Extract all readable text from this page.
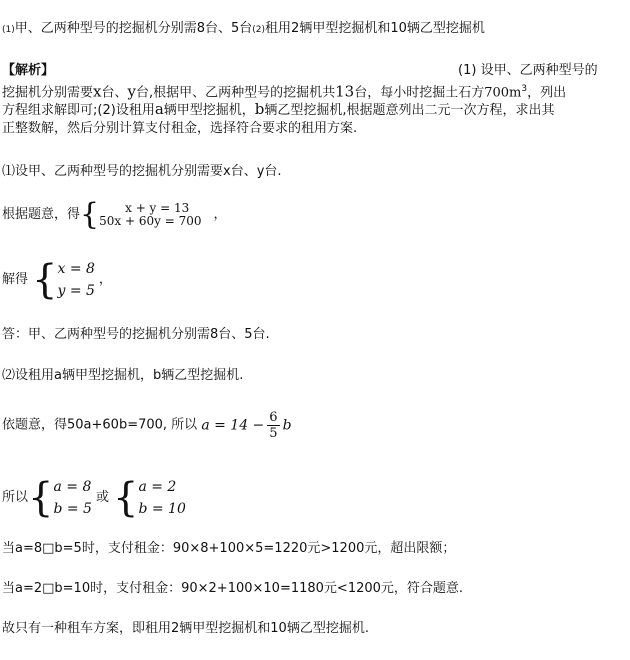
(1)甲、乙两种型号的挖掘机分别需8台、5台(2)租用2辆甲型挖掘机和10辆乙型挖掘机
【解析】	(1) 设甲、乙两种型号的
挖掘机分别需要x台、y台,根据甲、乙两种型号的挖掘机共13台，每小时挖掘土石方$700m^3$，列出
方程组求解即可;(2)设租用a辆甲型挖掘机，b辆乙型挖掘机,根据题意列出二元一次方程，求出其
正整数解，然后分别计算支付租金，选择符合要求的租用方案.
⑴设甲、乙两种型号的挖掘机分别需要x台、y台.
根据题意，得{	x + y = 13
50x + 60y = 700 ，
解得 { x = 8
y = 5
，
答：甲、乙两种型号的挖掘机分别需8台、5台.
⑵设租用a辆甲型挖掘机，b辆乙型挖掘机.
依题意，得50a+60b=700, 所以 $a = 14 - \frac{6}{5}$ b
所以{ a = 8
b = 5
或 { a = 2
b = 10
当a=8□b=5时，支付租金：90×8+100×5=1220元>1200元，超出限额；
当a=2□b=10时，支付租金：90×2+100×10=1180元<1200元，符合题意.
故只有一种租车方案，即租用2辆甲型挖掘机和10辆乙型挖掘机.
